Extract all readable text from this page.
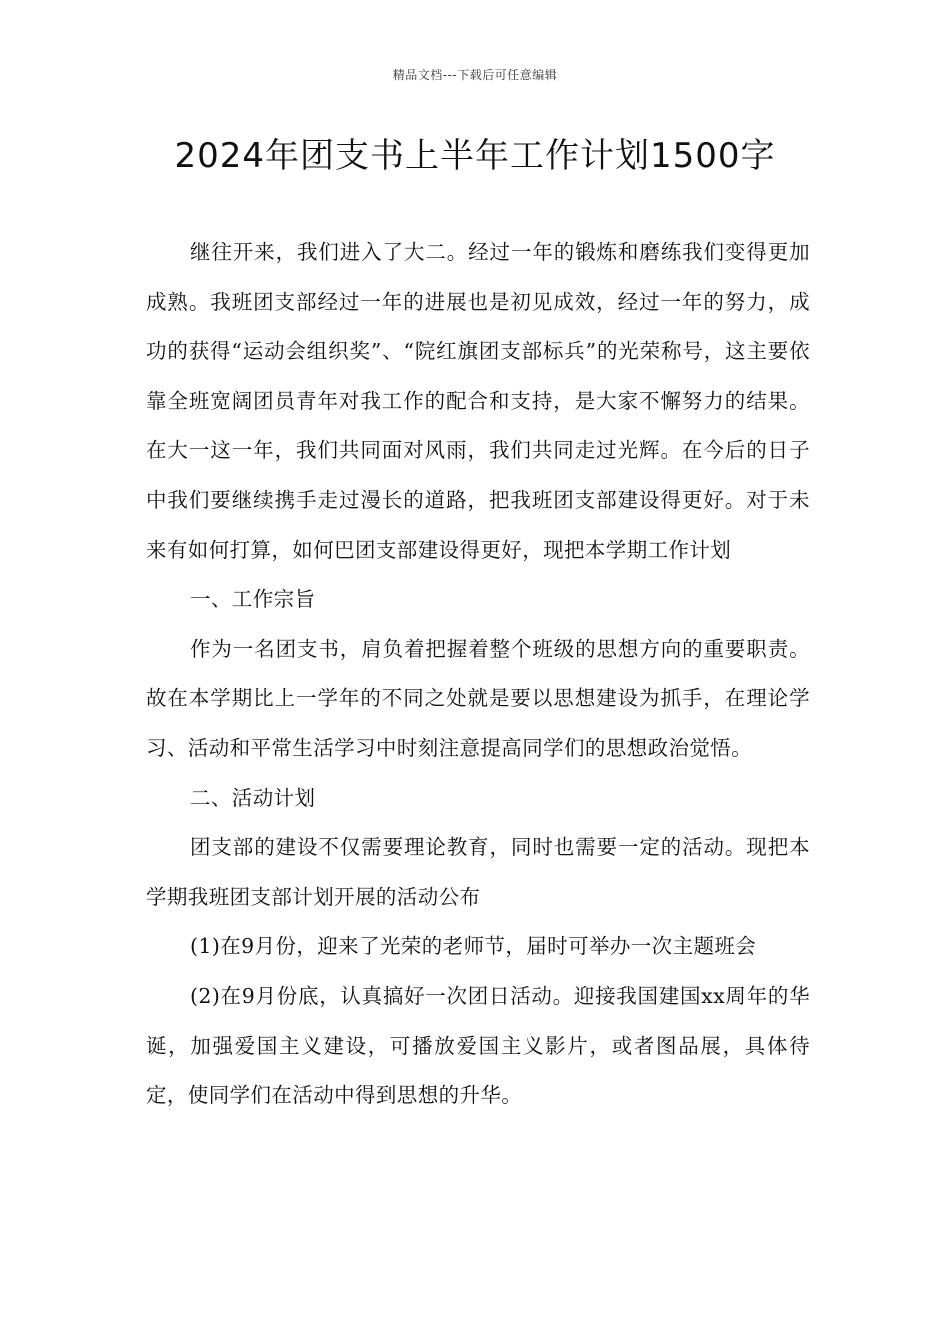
精品文档---下载后可任意编辑
2024年团支书上半年工作计划1500字

继往开来，我们进入了大二。经过一年的锻炼和磨练我们变得更加成熟。我班团支部经过一年的进展也是初见成效，经过一年的努力，成功的获得“运动会组织奖”、“院红旗团支部标兵”的光荣称号，这主要依靠全班宽阔团员青年对我工作的配合和支持，是大家不懈努力的结果。在大一这一年，我们共同面对风雨，我们共同走过光辉。在今后的日子中我们要继续携手走过漫长的道路，把我班团支部建设得更好。对于未来有如何打算，如何巴团支部建设得更好，现把本学期工作计划

一、工作宗旨

作为一名团支书，肩负着把握着整个班级的思想方向的重要职责。故在本学期比上一学年的不同之处就是要以思想建设为抓手，在理论学习、活动和平常生活学习中时刻注意提高同学们的思想政治觉悟。

二、活动计划

团支部的建设不仅需要理论教育，同时也需要一定的活动。现把本学期我班团支部计划开展的活动公布

(1)在9月份，迎来了光荣的老师节，届时可举办一次主题班会

(2)在9月份底，认真搞好一次团日活动。迎接我国建国xx周年的华诞，加强爱国主义建设，可播放爱国主义影片，或者图品展，具体待定，使同学们在活动中得到思想的升华。
